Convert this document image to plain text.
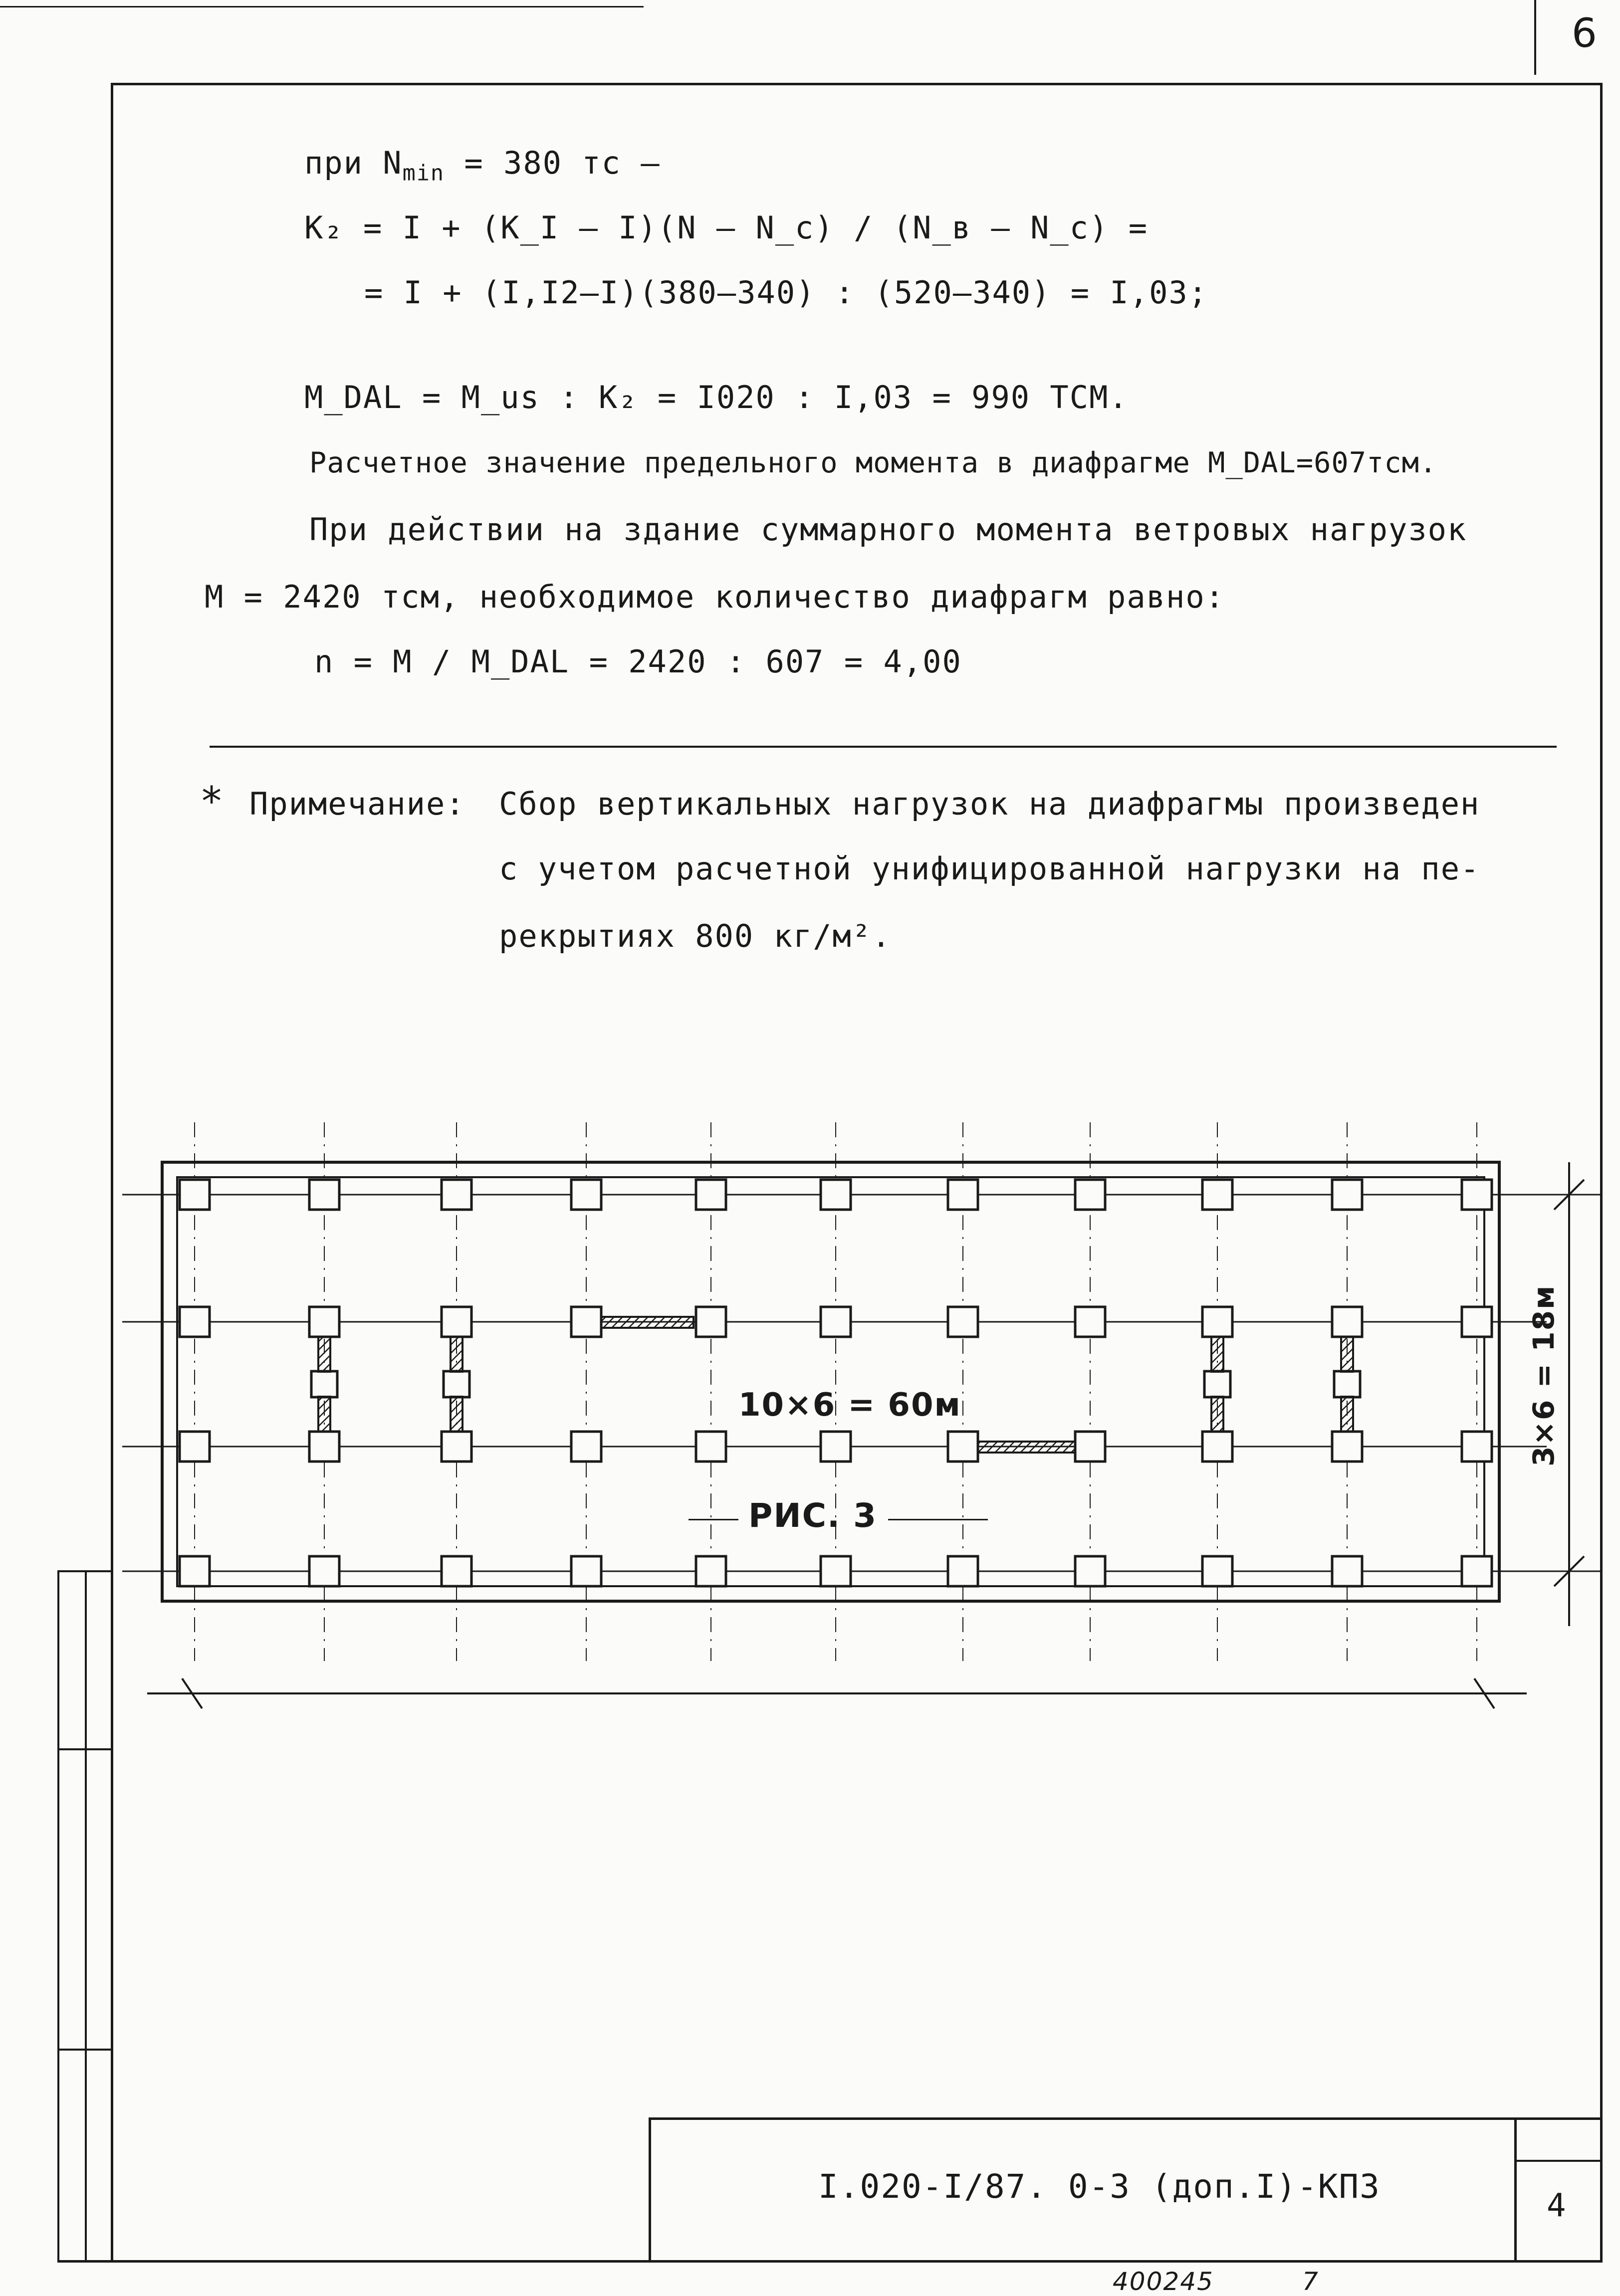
6
при $N_{min} = 380$ тс –
K₂ = I + (K_I – I)(N – N_c) / (N_в – N_c) =
= I + (I,I2–I)(380–340) : (520–340) = I,03;
M_DAL = M_us : K₂ = I020 : I,03 = 990 ТСМ.
Расчетное значение предельного момента в диафрагме M_DAL=607тсм.
При действии на здание суммарного момента ветровых нагрузок
M = 2420 тсм, необходимое количество диафрагм равно:
n = M / M_DAL = 2420 : 607 = 4,00
* Примечание: Сбор вертикальных нагрузок на диафрагмы произведен
с учетом расчетной унифицированной нагрузки на пе-
рекрытиях 800 кг/м².
10×6 = 60м	3×6 = 18м
РИС. 3
I.020-I/87. 0-3 (доп.I)-КПЗ	4
400245	7
